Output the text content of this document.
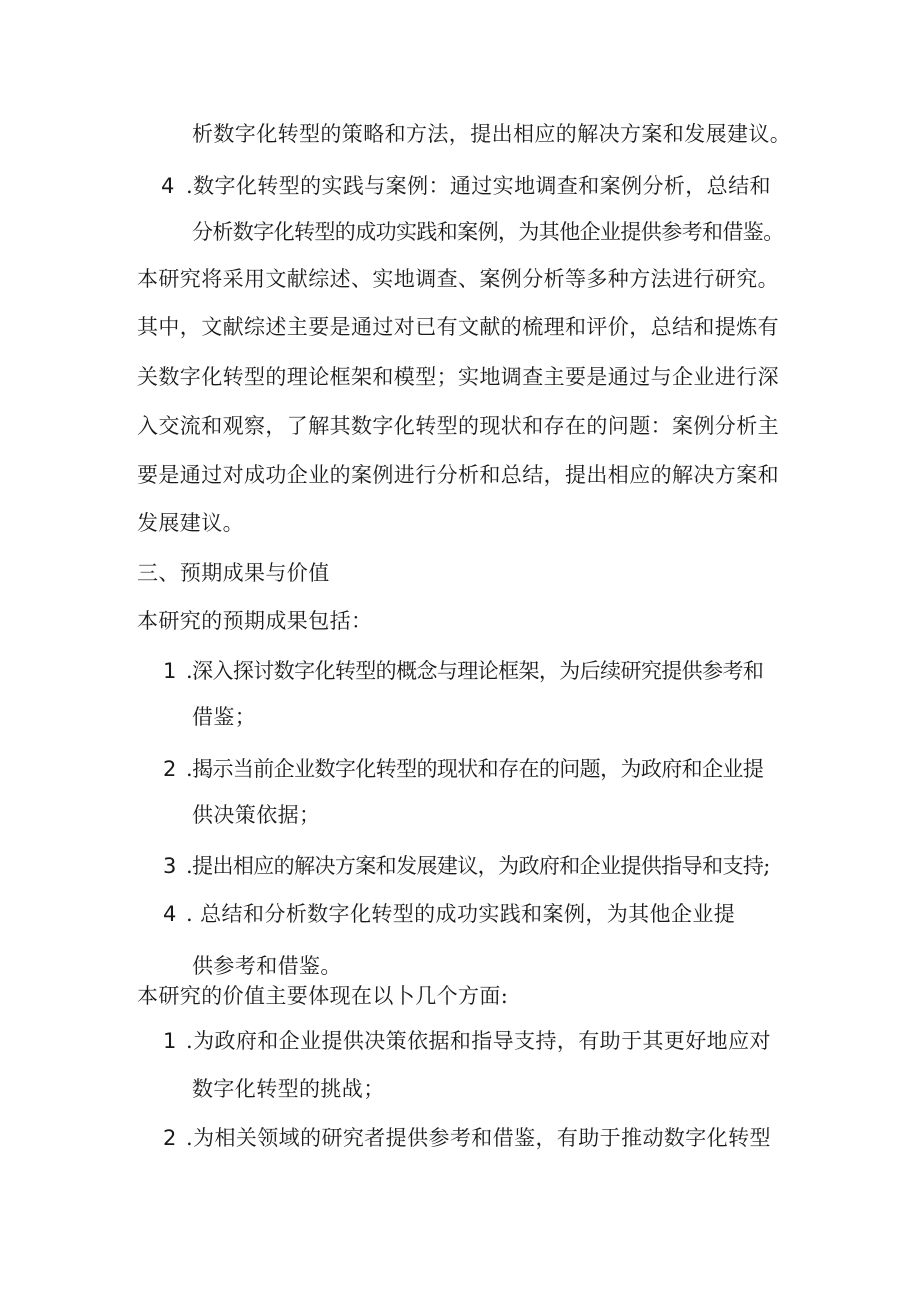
析数字化转型的策略和方法，提出相应的解决方案和发展建议。
4 .数字化转型的实践与案例：通过实地调查和案例分析，总结和
分析数字化转型的成功实践和案例，为其他企业提供参考和借鉴。
本研究将采用文献综述、实地调查、案例分析等多种方法进行研究。
其中，文献综述主要是通过对已有文献的梳理和评价，总结和提炼有
关数字化转型的理论框架和模型；实地调查主要是通过与企业进行深
入交流和观察，了解其数字化转型的现状和存在的问题：案例分析主
要是通过对成功企业的案例进行分析和总结，提出相应的解决方案和
发展建议。
三、预期成果与价值
本研究的预期成果包括：
1 .深入探讨数字化转型的概念与理论框架，为后续研究提供参考和
借鉴；
2 .揭示当前企业数字化转型的现状和存在的问题，为政府和企业提
供决策依据；
3 .提出相应的解决方案和发展建议，为政府和企业提供指导和支持;
4 . 总结和分析数字化转型的成功实践和案例，为其他企业提
供参考和借鉴。
本研究的价值主要体现在以卜几个方面:
1 .为政府和企业提供决策依据和指导支持，有助于其更好地应对
数字化转型的挑战；
2 .为相关领域的研究者提供参考和借鉴，有助于推动数字化转型
